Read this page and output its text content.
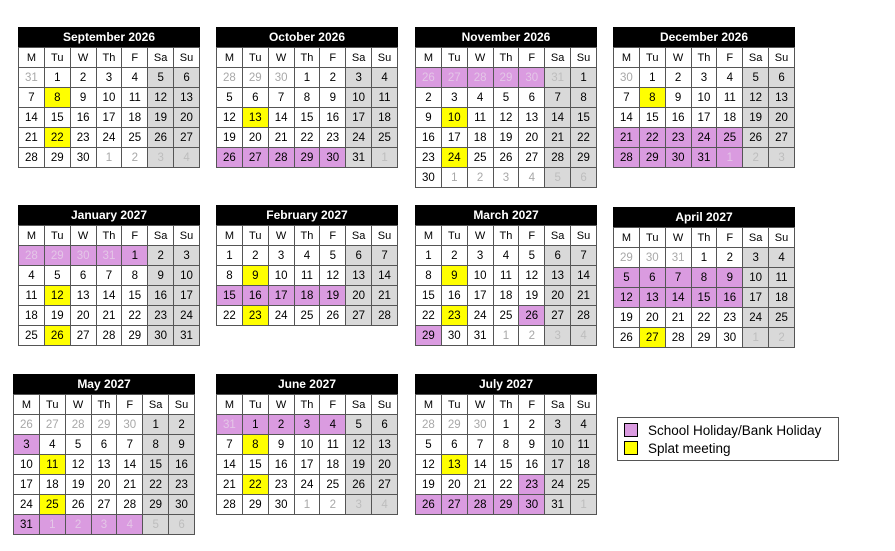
September 2026
M	Tu	W	Th	F	Sa	Su
31	1	2	3	4	5	6
7	8	9	10	11	12	13
14	15	16	17	18	19	20
21	22	23	24	25	26	27
28	29	30	1	2	3	4
October 2026
M	Tu	W	Th	F	Sa	Su
28	29	30	1	2	3	4
5	6	7	8	9	10	11
12	13	14	15	16	17	18
19	20	21	22	23	24	25
26	27	28	29	30	31	1
November 2026
M	Tu	W	Th	F	Sa	Su
26	27	28	29	30	31	1
2	3	4	5	6	7	8
9	10	11	12	13	14	15
16	17	18	19	20	21	22
23	24	25	26	27	28	29
30	1	2	3	4	5	6
December 2026
M	Tu	W	Th	F	Sa	Su
30	1	2	3	4	5	6
7	8	9	10	11	12	13
14	15	16	17	18	19	20
21	22	23	24	25	26	27
28	29	30	31	1	2	3
January 2027
M	Tu	W	Th	F	Sa	Su
28	29	30	31	1	2	3
4	5	6	7	8	9	10
11	12	13	14	15	16	17
18	19	20	21	22	23	24
25	26	27	28	29	30	31
February 2027
M	Tu	W	Th	F	Sa	Su
1	2	3	4	5	6	7
8	9	10	11	12	13	14
15	16	17	18	19	20	21
22	23	24	25	26	27	28
March 2027
M	Tu	W	Th	F	Sa	Su
1	2	3	4	5	6	7
8	9	10	11	12	13	14
15	16	17	18	19	20	21
22	23	24	25	26	27	28
29	30	31	1	2	3	4
April 2027
M	Tu	W	Th	F	Sa	Su
29	30	31	1	2	3	4
5	6	7	8	9	10	11
12	13	14	15	16	17	18
19	20	21	22	23	24	25
26	27	28	29	30	1	2
May 2027
M	Tu	W	Th	F	Sa	Su
26	27	28	29	30	1	2
3	4	5	6	7	8	9
10	11	12	13	14	15	16
17	18	19	20	21	22	23
24	25	26	27	28	29	30
31	1	2	3	4	5	6
June 2027
M	Tu	W	Th	F	Sa	Su
31	1	2	3	4	5	6
7	8	9	10	11	12	13
14	15	16	17	18	19	20
21	22	23	24	25	26	27
28	29	30	1	2	3	4
July 2027
M	Tu	W	Th	F	Sa	Su
28	29	30	1	2	3	4
5	6	7	8	9	10	11
12	13	14	15	16	17	18
19	20	21	22	23	24	25
26	27	28	29	30	31	1
School Holiday/Bank Holiday
Splat meeting
